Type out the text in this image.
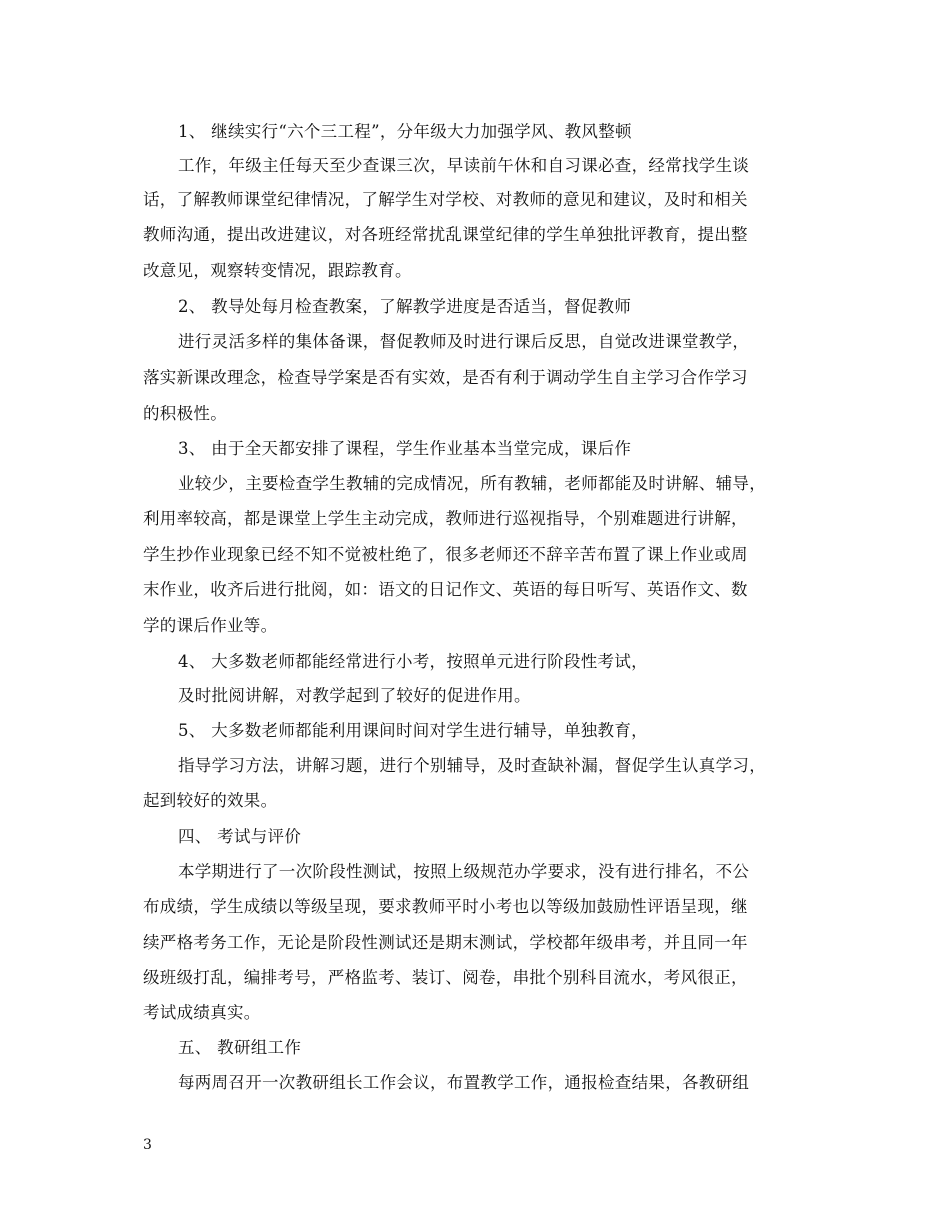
1、 继续实行“六个三工程”，分年级大力加强学风、教风整顿
工作，年级主任每天至少查课三次，早读前午休和自习课必查，经常找学生谈
话，了解教师课堂纪律情况，了解学生对学校、对教师的意见和建议，及时和相关
教师沟通，提出改进建议，对各班经常扰乱课堂纪律的学生单独批评教育，提出整
改意见，观察转变情况，跟踪教育。
2、 教导处每月检查教案，了解教学进度是否适当，督促教师
进行灵活多样的集体备课，督促教师及时进行课后反思，自觉改进课堂教学，
落实新课改理念，检查导学案是否有实效，是否有利于调动学生自主学习合作学习
的积极性。
3、 由于全天都安排了课程，学生作业基本当堂完成，课后作
业较少，主要检查学生教辅的完成情况，所有教辅，老师都能及时讲解、辅导，
利用率较高，都是课堂上学生主动完成，教师进行巡视指导，个别难题进行讲解，
学生抄作业现象已经不知不觉被杜绝了，很多老师还不辞辛苦布置了课上作业或周
末作业，收齐后进行批阅，如：语文的日记作文、英语的每日听写、英语作文、数
学的课后作业等。
4、 大多数老师都能经常进行小考，按照单元进行阶段性考试，
及时批阅讲解，对教学起到了较好的促进作用。
5、 大多数老师都能利用课间时间对学生进行辅导，单独教育，
指导学习方法，讲解习题，进行个别辅导，及时查缺补漏，督促学生认真学习，
起到较好的效果。
四、 考试与评价
本学期进行了一次阶段性测试，按照上级规范办学要求，没有进行排名，不公
布成绩，学生成绩以等级呈现，要求教师平时小考也以等级加鼓励性评语呈现，继
续严格考务工作，无论是阶段性测试还是期末测试，学校都年级串考，并且同一年
级班级打乱，编排考号，严格监考、装订、阅卷，串批个别科目流水，考风很正，
考试成绩真实。
五、 教研组工作
每两周召开一次教研组长工作会议，布置教学工作，通报检查结果，各教研组
3
